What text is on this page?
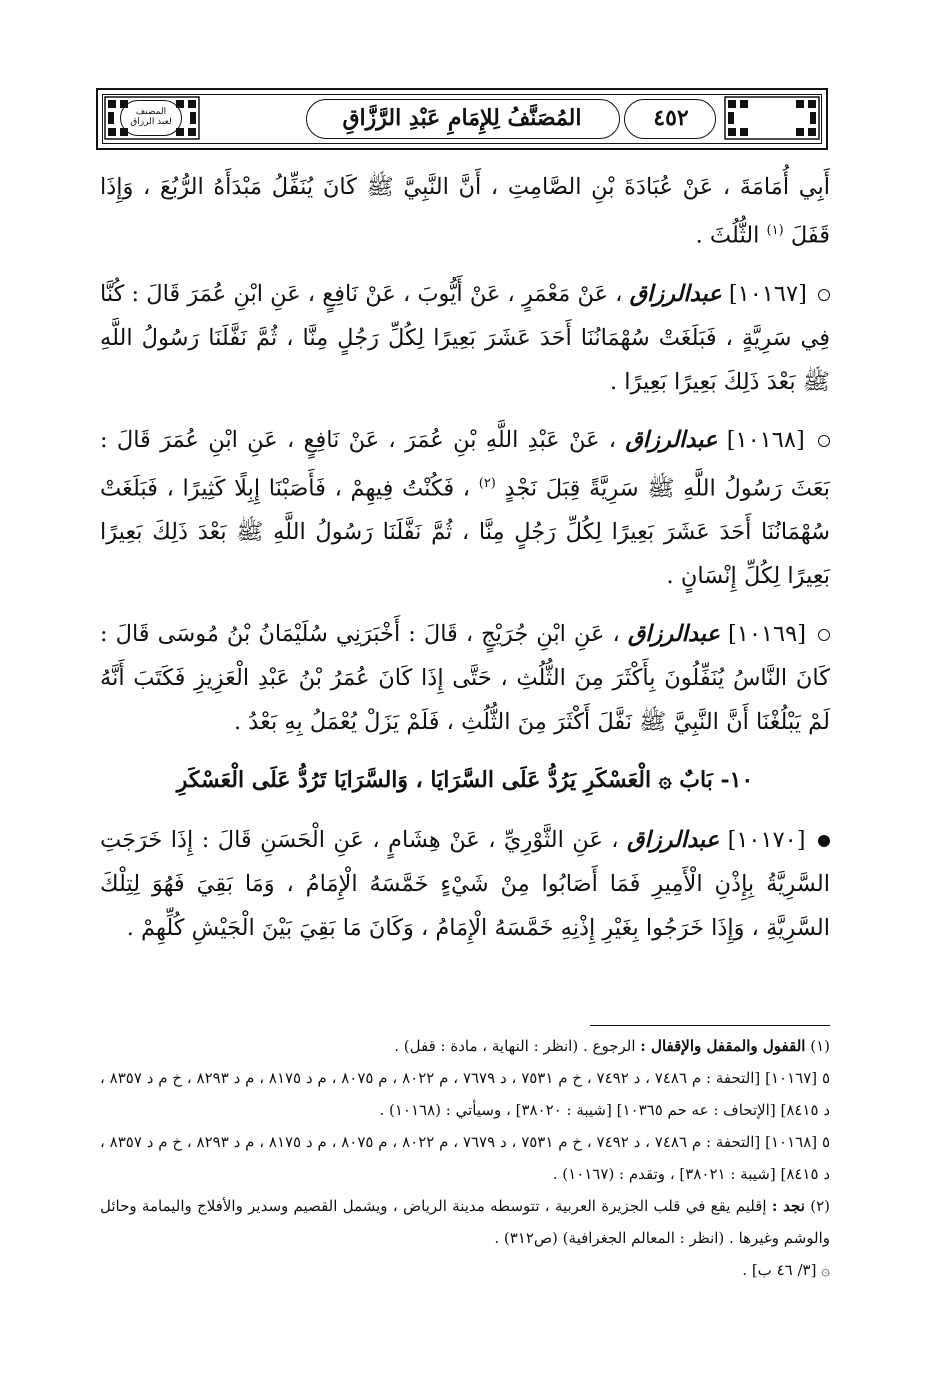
المصنف
لعبد الرزاق	المُصَنَّفُ لِلإِمَامِ عَبْدِ الرَّزَّاقِ	٤٥٢

أَبِي أُمَامَةَ ، عَنْ عُبَادَةَ بْنِ الصَّامِتِ ، أَنَّ النَّبِيَّ ﷺ كَانَ يُنَفِّلُ مَبْدَأَهُ الرُّبُعَ ، وَإِذَا قَفَلَ $^{(١)}$ الثُّلُثَ .

[١٠١٦٧] عبدالرزاق ، عَنْ مَعْمَرٍ ، عَنْ أَيُّوبَ ، عَنْ نَافِعٍ ، عَنِ ابْنِ عُمَرَ قَالَ : كُنَّا فِي سَرِيَّةٍ ، فَبَلَغَتْ سُهْمَانُنَا أَحَدَ عَشَرَ بَعِيرًا لِكُلِّ رَجُلٍ مِنَّا ، ثُمَّ نَفَّلَنَا رَسُولُ اللَّهِ ﷺ بَعْدَ ذَلِكَ بَعِيرًا بَعِيرًا .

[١٠١٦٨] عبدالرزاق ، عَنْ عَبْدِ اللَّهِ بْنِ عُمَرَ ، عَنْ نَافِعٍ ، عَنِ ابْنِ عُمَرَ قَالَ : بَعَثَ رَسُولُ اللَّهِ ﷺ سَرِيَّةً قِبَلَ نَجْدٍ $^{(٢)}$ ، فَكُنْتُ فِيهِمْ ، فَأَصَبْنَا إِبِلًا كَثِيرًا ، فَبَلَغَتْ سُهْمَانُنَا أَحَدَ عَشَرَ بَعِيرًا لِكُلِّ رَجُلٍ مِنَّا ، ثُمَّ نَفَّلَنَا رَسُولُ اللَّهِ ﷺ بَعْدَ ذَلِكَ بَعِيرًا بَعِيرًا لِكُلِّ إِنْسَانٍ .

[١٠١٦٩] عبدالرزاق ، عَنِ ابْنِ جُرَيْجٍ ، قَالَ : أَخْبَرَنِي سُلَيْمَانُ بْنُ مُوسَى قَالَ : كَانَ النَّاسُ يُنَفِّلُونَ بِأَكْثَرَ مِنَ الثُّلُثِ ، حَتَّى إِذَا كَانَ عُمَرُ بْنُ عَبْدِ الْعَزِيزِ فَكَتَبَ أَنَّهُ لَمْ يَبْلُغْنَا أَنَّ النَّبِيَّ ﷺ نَفَّلَ أَكْثَرَ مِنَ الثُّلُثِ ، فَلَمْ يَزَلْ يُعْمَلُ بِهِ بَعْدُ .

١٠- بَابٌ ۞ الْعَسْكَرِ يَرُدُّ عَلَى السَّرَايَا ، وَالسَّرَايَا تَرُدُّ عَلَى الْعَسْكَرِ

[١٠١٧٠] عبدالرزاق ، عَنِ الثَّوْرِيِّ ، عَنْ هِشَامٍ ، عَنِ الْحَسَنِ قَالَ : إِذَا خَرَجَتِ السَّرِيَّةُ بِإِذْنِ الْأَمِيرِ فَمَا أَصَابُوا مِنْ شَيْءٍ خَمَّسَهُ الْإِمَامُ ، وَمَا بَقِيَ فَهُوَ لِتِلْكَ السَّرِيَّةِ ، وَإِذَا خَرَجُوا بِغَيْرِ إِذْنِهِ خَمَّسَهُ الْإِمَامُ ، وَكَانَ مَا بَقِيَ بَيْنَ الْجَيْشِ كُلِّهِمْ .

(١) القفول والمقفل والإقفال : الرجوع . (انظر : النهاية ، مادة : قفل) .

٥ [١٠١٦٧] [التحفة : م ٧٤٨٦ ، د ٧٤٩٢ ، خ م ٧٥٣١ ، د ٧٦٧٩ ، م ٨٠٢٢ ، م ٨٠٧٥ ، م د ٨١٧٥ ، م د ٨٢٩٣ ، خ م د ٨٣٥٧ ، د ٨٤١٥] [الإتحاف : عه حم ١٠٣٦٥] [شيبة : ٣٨٠٢٠] ، وسيأتي : (١٠١٦٨) .

٥ [١٠١٦٨] [التحفة : م ٧٤٨٦ ، د ٧٤٩٢ ، خ م ٧٥٣١ ، د ٧٦٧٩ ، م ٨٠٢٢ ، م ٨٠٧٥ ، م د ٨١٧٥ ، م د ٨٢٩٣ ، خ م د ٨٣٥٧ ، د ٨٤١٥] [شيبة : ٣٨٠٢١] ، وتقدم : (١٠١٦٧) .

(٢) نجد : إقليم يقع في قلب الجزيرة العربية ، تتوسطه مدينة الرياض ، ويشمل القصيم وسدير والأفلاج واليمامة وحائل والوشم وغيرها . (انظر : المعالم الجغرافية) (ص٣١٢) .

۞ [٣/ ٤٦ ب] .
